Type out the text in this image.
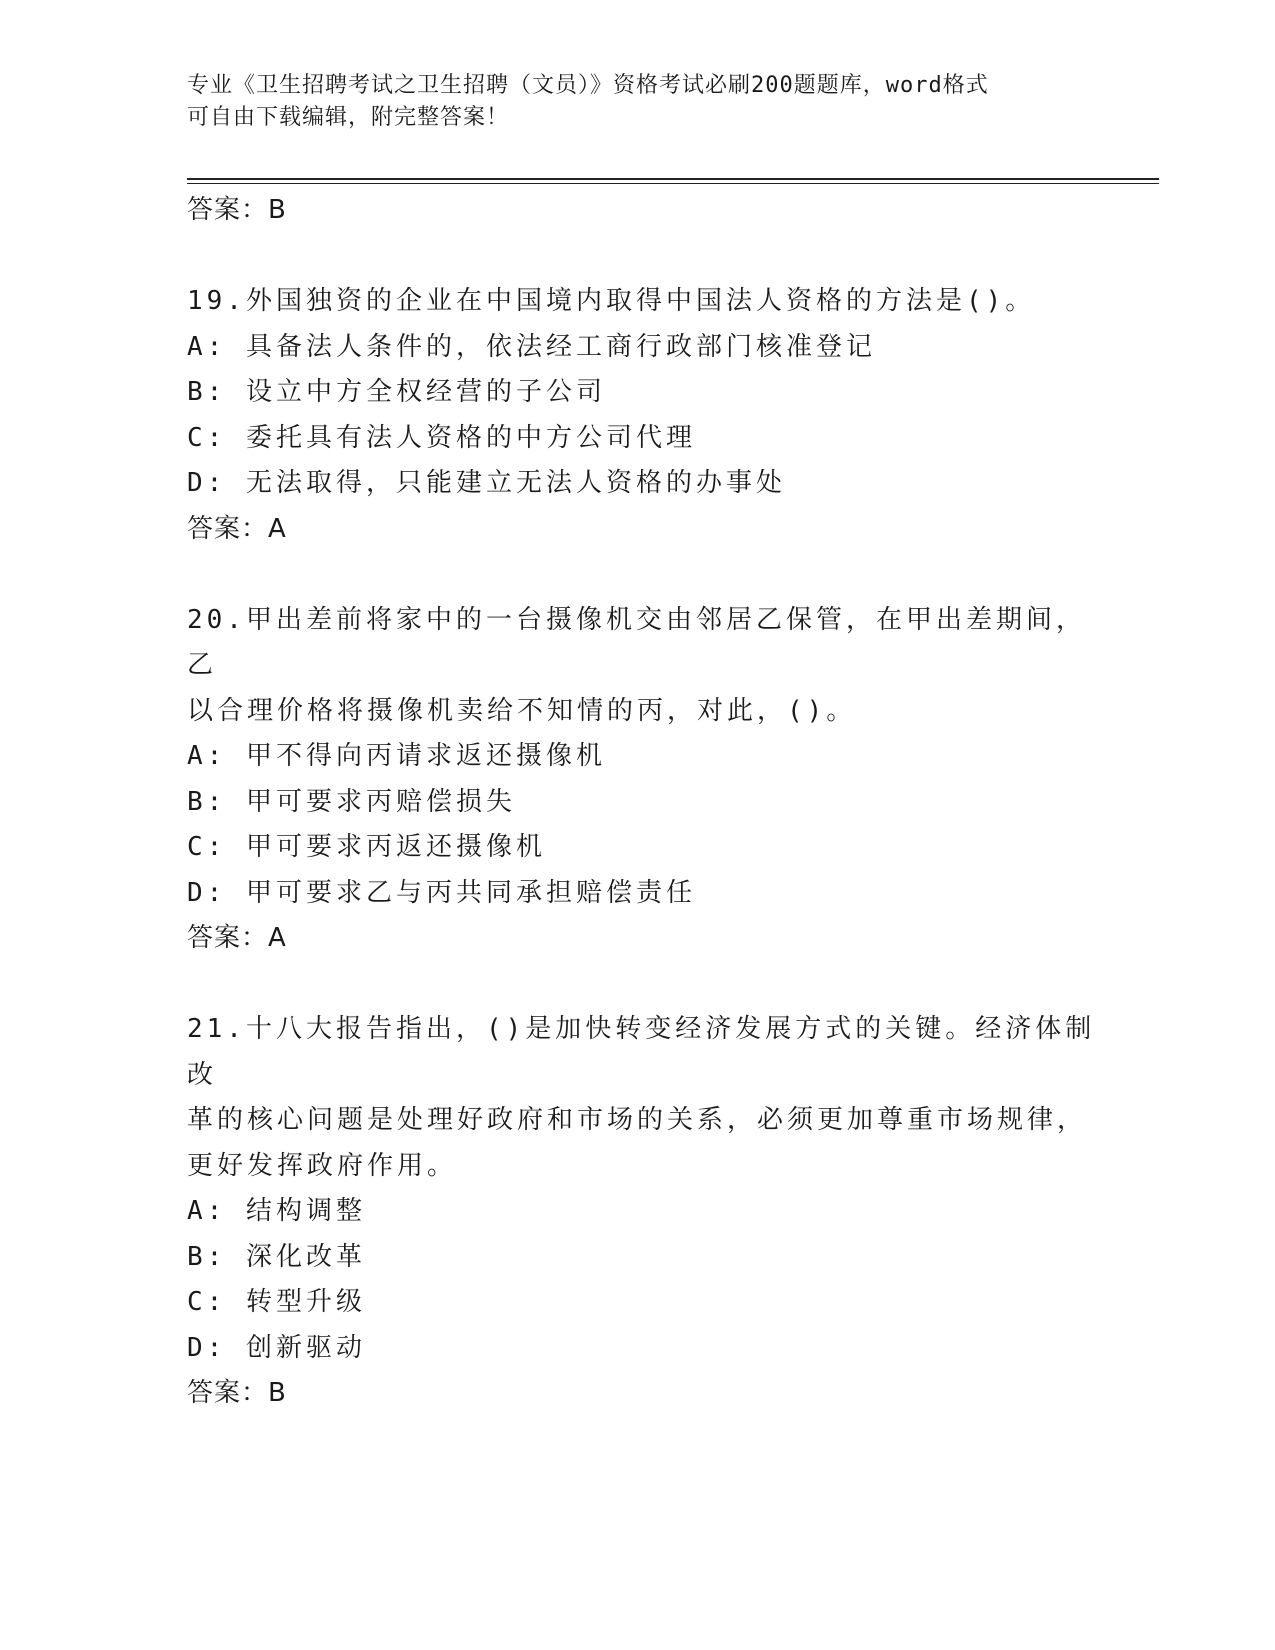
专业《卫生招聘考试之卫生招聘（文员）》资格考试必刷200题题库，word格式
可自由下载编辑，附完整答案！
答案：B
19.外国独资的企业在中国境内取得中国法人资格的方法是()。
A: 具备法人条件的，依法经工商行政部门核准登记
B: 设立中方全权经营的子公司
C: 委托具有法人资格的中方公司代理
D: 无法取得，只能建立无法人资格的办事处
答案：A
20.甲出差前将家中的一台摄像机交由邻居乙保管，在甲出差期间，乙
以合理价格将摄像机卖给不知情的丙，对此，()。
A: 甲不得向丙请求返还摄像机
B: 甲可要求丙赔偿损失
C: 甲可要求丙返还摄像机
D: 甲可要求乙与丙共同承担赔偿责任
答案：A
21.十八大报告指出，()是加快转变经济发展方式的关键。经济体制改
革的核心问题是处理好政府和市场的关系，必须更加尊重市场规律，
更好发挥政府作用。
A: 结构调整
B: 深化改革
C: 转型升级
D: 创新驱动
答案：B
